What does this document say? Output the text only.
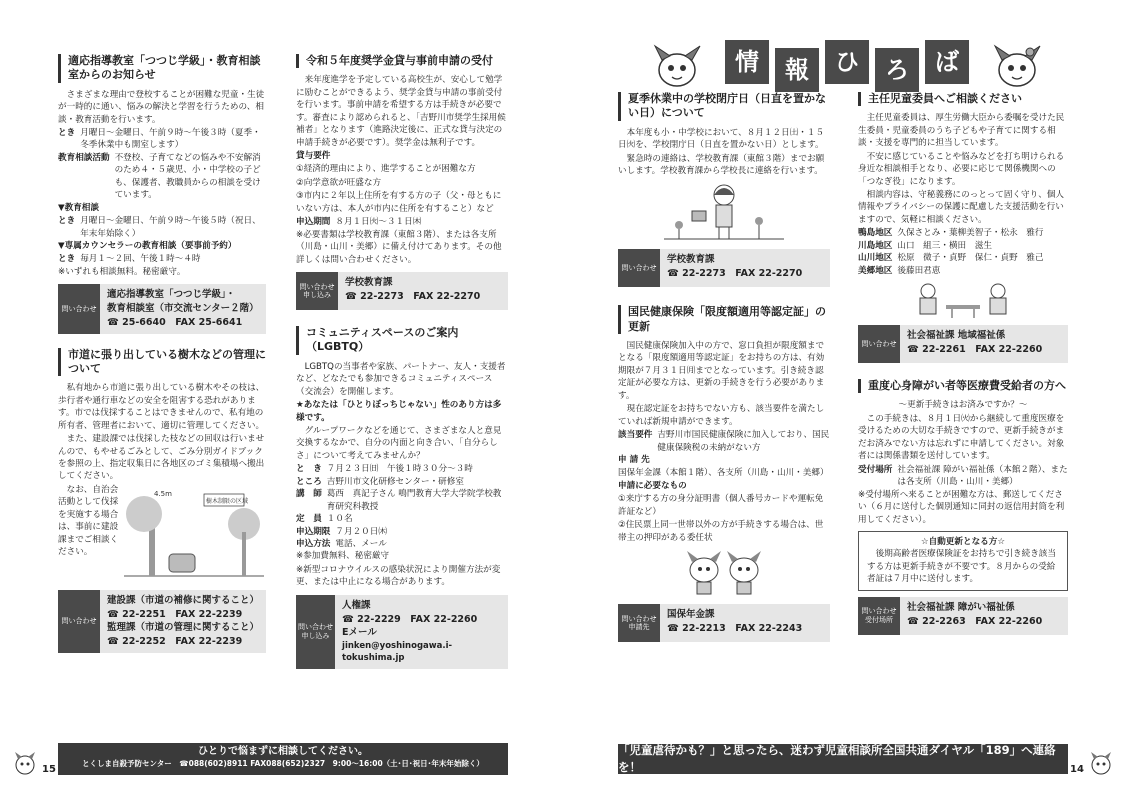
情	報	ひ	ろ	ば
適応指導教室「つつじ学級」・教育相談室からのお知らせ
さまざまな理由で登校することが困難な児童・生徒が一時的に通い、悩みの解決と学習を行うための、相談・教育活動を行います。
とき 月曜日～金曜日、午前９時～午後３時（夏季・冬季休業中も開室します）
教育相談活動 不登校、子育てなどの悩みや不安解消のため４・５歳児、小・中学校の子ども、保護者、教職員からの相談を受けています。
▼教育相談
とき 月曜日～金曜日、午前９時～午後５時（祝日、年末年始除く）
▼専属カウンセラーの教育相談（要事前予約）
とき 毎月１～２回、午後１時～４時
※いずれも相談無料。秘密厳守。
問い合わせ
適応指導教室「つつじ学級」・
教育相談室（市交流センター２階）
☎ 25-6640　FAX 25-6641
市道に張り出している樹木などの管理について
私有地から市道に張り出している樹木やその枝は、歩行者や通行車などの安全を阻害する恐れがあります。市では伐採することはできませんので、私有地の所有者、管理者において、適切に管理してください。
また、建設課では伐採した枝などの回収は行いませんので、もやせるごみとして、ごみ分別ガイドブックを参照の上、指定収集日に各地区のゴミ集積場へ搬出してください。
なお、自治会活動として伐採を実施する場合は、事前に建設課までご相談ください。
樹木制限の区域
4.5m
問い合わせ
建設課（市道の補修に関すること）
☎ 22-2251　FAX 22-2239
監理課（市道の管理に関すること）
☎ 22-2252　FAX 22-2239
令和５年度奨学金貸与事前申請の受付
来年度進学を予定している高校生が、安心して勉学に励むことができるよう、奨学金貸与申請の事前受付を行います。事前申請を希望する方は手続きが必要です。審査により認められると、「吉野川市奨学生採用候補者」となります（進路決定後に、正式な貸与決定の申請手続きが必要です）。奨学金は無利子です。
貸与要件
①経済的理由により、進学することが困難な方
②向学意欲が旺盛な方
③市内に２年以上住所を有する方の子（父・母ともにいない方は、本人が市内に住所を有すること）など
申込期間 ８月１日㈫～３１日㈭
※必要書類は学校教育課（東館３階）、または各支所（川島・山川・美郷）に備え付けてあります。その他詳しくは問い合わせください。
問い合わせ 申し込み
学校教育課
☎ 22-2273　FAX 22-2270
コミュニティスペースのご案内（LGBTQ）
LGBTQの当事者や家族、パートナー、友人・支援者など、どなたでも参加できるコミュニティスペース（交流会）を開催します。
★あなたは「ひとりぼっちじゃない」性のあり方は多様です。
グループワークなどを通じて、さまざまな人と意見交換するなかで、自分の内面と向き合い、「自分らしさ」について考えてみませんか？
と　き ７月２３日㈰　午後１時３０分～３時
ところ 吉野川市文化研修センター・研修室
講　師 葛西　真記子さん 鳴門教育大学大学院学校教育研究科教授
定　員 １０名
申込期限 ７月２０日㈭
申込方法 電話、メール
※参加費無料、秘密厳守
※新型コロナウイルスの感染状況により開催方法が変更、または中止になる場合があります。
問い合わせ 申し込み
人権課
☎ 22-2229　FAX 22-2260
Eメール
jinken@yoshinogawa.i-tokushima.jp
夏季休業中の学校閉庁日（日直を置かない日）について
本年度も小・中学校において、８月１２日㈯・１５日㈫を、学校閉庁日（日直を置かない日）とします。
緊急時の連絡は、学校教育課（東館３階）までお願いします。学校教育課から学校長に連絡を行います。
問い合わせ
学校教育課
☎ 22-2273　FAX 22-2270
国民健康保険「限度額適用等認定証」の更新
国民健康保険加入中の方で、窓口負担が限度額までとなる「限度額適用等認定証」をお持ちの方は、有効期限が７月３１日㈪までとなっています。引き続き認定証が必要な方は、更新の手続きを行う必要があります。
現在認定証をお持ちでない方も、該当要件を満たしていれば新規申請ができます。
該当要件 吉野川市国民健康保険に加入しており、国民健康保険税の未納がない方
申 請 先
国保年金課（本館１階）、各支所（川島・山川・美郷）
申請に必要なもの
①来庁する方の身分証明書（個人番号カードや運転免許証など）
②住民票上同一世帯以外の方が手続きする場合は、世帯主の押印がある委任状
問い合わせ 申請先
国保年金課
☎ 22-2213　FAX 22-2243
主任児童委員へご相談ください
主任児童委員は、厚生労働大臣から委嘱を受けた民生委員・児童委員のうち子どもや子育てに関する相談・支援を専門的に担当しています。
不安に感じていることや悩みなどを打ち明けられる身近な相談相手となり、必要に応じて関係機関への「つなぎ役」になります。
相談内容は、守秘義務にのっとって固く守り、個人情報やプライバシーの保護に配慮した支援活動を行いますので、気軽に相談ください。
鴨島地区 久保さとみ・葉柳美智子・松永　雅行
川島地区 山口　組三・横田　滋生
山川地区 松原　微子・貞野　保仁・貞野　雅己
美郷地区 後藤田君恵
問い合わせ
社会福祉課 地域福祉係
☎ 22-2261　FAX 22-2260
重度心身障がい者等医療費受給者の方へ
～更新手続きはお済みですか？～
この手続きは、８月１日㈫から継続して重度医療を受けるための大切な手続きですので、更新手続きがまだお済みでない方は忘れずに申請してください。対象者には関係書類を送付しています。
受付場所 社会福祉課 障がい福祉係（本館２階）、または各支所（川島・山川・美郷）
※受付場所へ来ることが困難な方は、郵送してください（６月に送付した個別通知に同封の返信用封筒を利用してください）。
☆自動更新となる方☆
後期高齢者医療保険証をお持ちで引き続き該当する方は更新手続きが不要です。８月からの受給者証は７月中に送付します。
問い合わせ 受付场所
社会福祉課 障がい福祉係
☎ 22-2263　FAX 22-2260
15
ひとりで悩まずに相談してください。
とくしま自殺予防センター　☎088(602)8911 FAX088(652)2327　9:00～16:00（土･日･祝日･年末年始除く）
「児童虐待かも？」と思ったら、迷わず児童相談所全国共通ダイヤル「189」へ連絡を！	14
